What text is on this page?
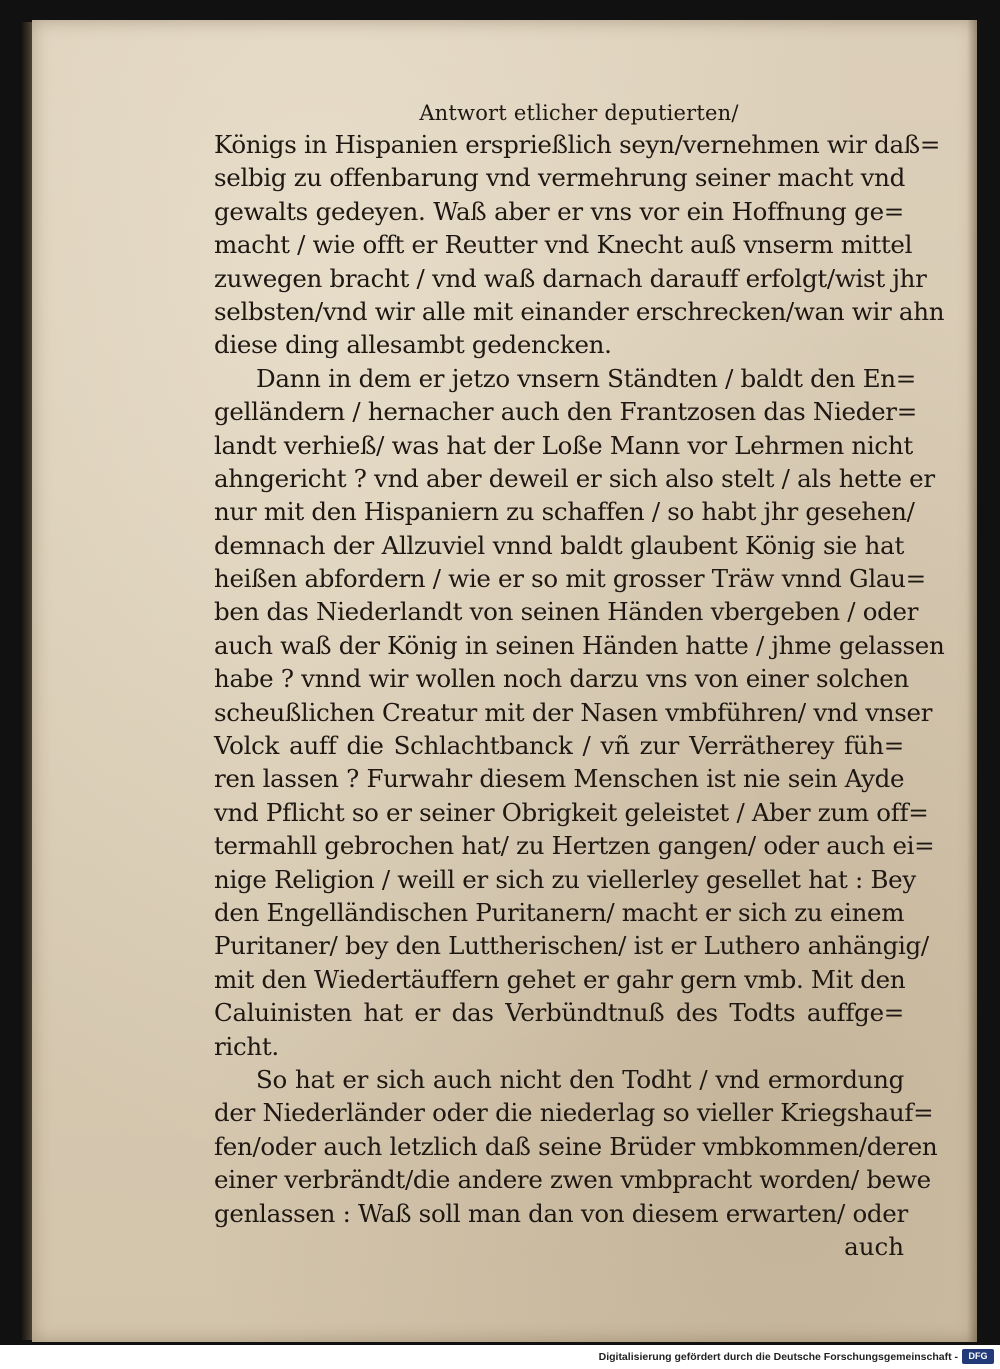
Antwort etlicher deputierten/
Königs in Hispanien ersprießlich seyn/vernehmen wir daß=
selbig zu offenbarung vnd vermehrung seiner macht vnd
gewalts gedeyen. Waß aber er vns vor ein Hoffnung ge=
macht / wie offt er Reutter vnd Knecht auß vnserm mittel
zuwegen bracht / vnd waß darnach darauff erfolgt/wist jhr
selbsten/vnd wir alle mit einander erschrecken/wan wir ahn
diese ding allesambt gedencken.
Dann in dem er jetzo vnsern Ständten / baldt den En=
gelländern / hernacher auch den Frantzosen das Nieder=
landt verhieß/ was hat der Loße Mann vor Lehrmen nicht
ahngericht ? vnd aber deweil er sich also stelt / als hette er
nur mit den Hispaniern zu schaffen / so habt jhr gesehen/
demnach der Allzuviel vnnd baldt glaubent König sie hat
heißen abfordern / wie er so mit grosser Träw vnnd Glau=
ben das Niederlandt von seinen Händen vbergeben / oder
auch waß der König in seinen Händen hatte / jhme gelassen
habe ? vnnd wir wollen noch darzu vns von einer solchen
scheußlichen Creatur mit der Nasen vmbführen/ vnd vnser
Volck auff die Schlachtbanck / vñ zur Verrätherey füh=
ren lassen ? Furwahr diesem Menschen ist nie sein Ayde
vnd Pflicht so er seiner Obrigkeit geleistet / Aber zum off=
termahll gebrochen hat/ zu Hertzen gangen/ oder auch ei=
nige Religion / weill er sich zu viellerley gesellet hat : Bey
den Engelländischen Puritanern/ macht er sich zu einem
Puritaner/ bey den Luttherischen/ ist er Luthero anhängig/
mit den Wiedertäuffern gehet er gahr gern vmb. Mit den
Caluinisten hat er das Verbündtnuß des Todts auffge=
richt.
So hat er sich auch nicht den Todht / vnd ermordung
der Niederländer oder die niederlag so vieller Kriegshauf=
fen/oder auch letzlich daß seine Brüder vmbkommen/deren
einer verbrändt/die andere zwen vmbpracht worden/ bewe
genlassen : Waß soll man dan von diesem erwarten/ oder
auch
Digitalisierung gefördert durch die Deutsche Forschungsgemeinschaft -	DFG
